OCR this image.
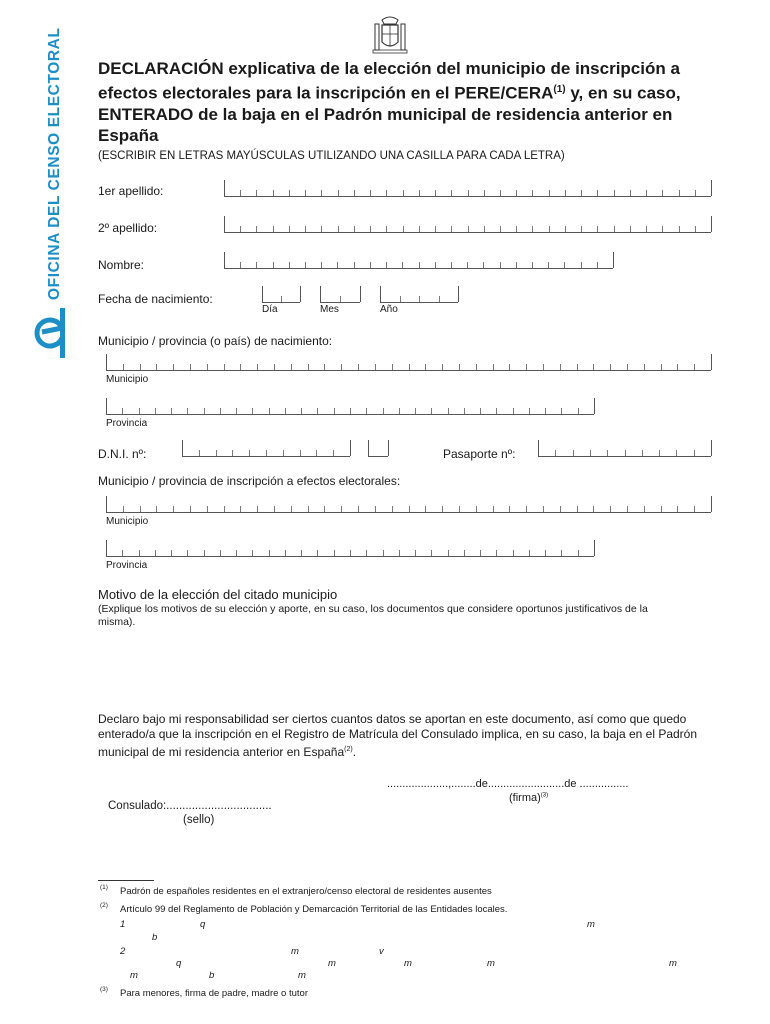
OFICINA DEL CENSO ELECTORAL DECLARACIÓN explicativa de la elección del municipio de inscripción a efectos electorales para la inscripción en el PERE/CERA$^{(1)}$ y, en su caso, ENTERADO de la baja en el Padrón municipal de residencia anterior en España
(ESCRIBIR EN LETRAS MAYÚSCULAS UTILIZANDO UNA CASILLA PARA CADA LETRA)
1er apellido:
2º apellido:
Nombre:
Fecha de nacimiento:
Día	Mes	Año
Municipio / provincia (o país) de nacimiento:
Municipio
Provincia
D.N.I. nº:	Pasaporte nº:
Municipio / provincia de inscripción a efectos electorales:
Municipio
Provincia
Motivo de la elección del citado municipio
(Explique los motivos de su elección y aporte, en su caso, los documentos que considere oportunos justificativos de la misma).
Declaro bajo mi responsabilidad ser ciertos cuantos datos se aportan en este documento, así como que quedo enterado/a que la inscripción en el Registro de Matrícula del Consulado implica, en su caso, la baja en el Padrón municipal de mi residencia anterior en España$^{(2)}$.
....................,........de.........................de ................
(firma)$^{(3)}$
Consulado:.................................
(sello)
(1) Padrón de españoles residentes en el extranjero/censo electoral de residentes ausentes
(2) Artículo 99 del Reglamento de Población y Demarcación Territorial de las Entidades locales.
1	q	m
b
2	m	v
q	m	m	m	m
m	b	m
(3) Para menores, firma de padre, madre o tutor
